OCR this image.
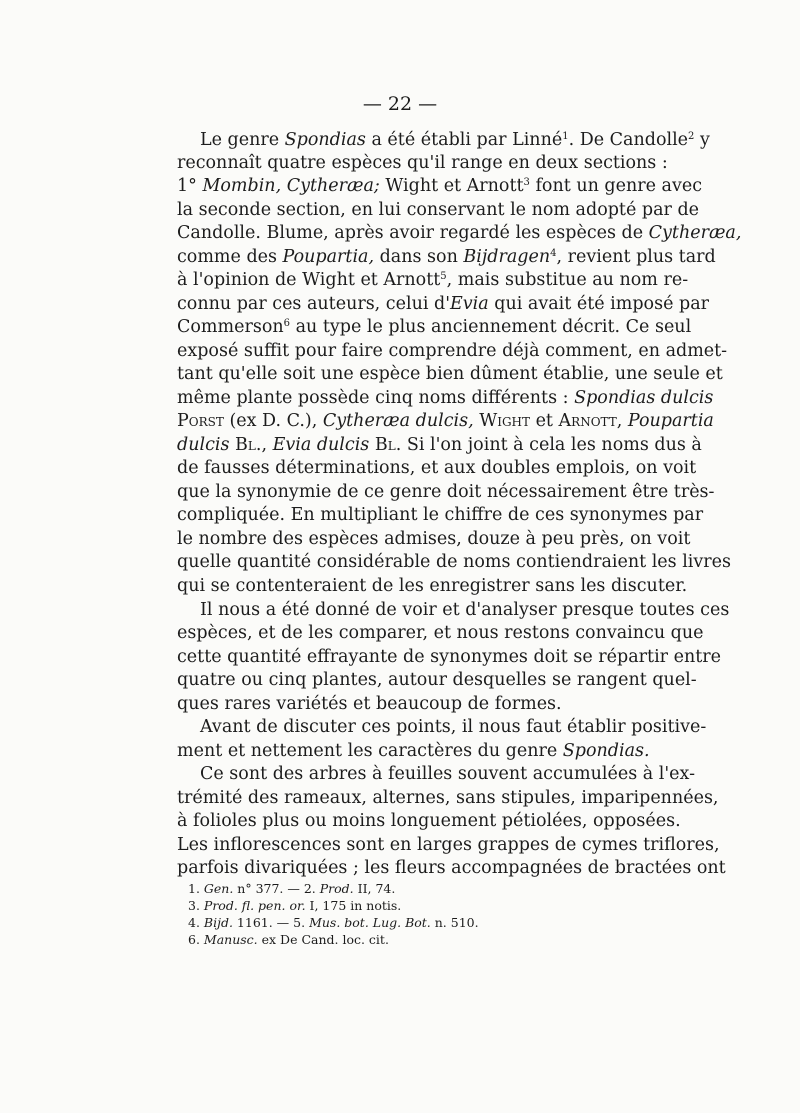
— 22 —
Le genre Spondias a été établi par Linné$^1$. De Candolle$^2$ y
reconnaît quatre espèces qu'il range en deux sections :
1° Mombin, Cytheræa; Wight et Arnott$^3$ font un genre avec
la seconde section, en lui conservant le nom adopté par de
Candolle. Blume, après avoir regardé les espèces de Cytheræa,
comme des Poupartia, dans son Bijdragen$^4$, revient plus tard
à l'opinion de Wight et Arnott$^5$, mais substitue au nom re-
connu par ces auteurs, celui d'Evia qui avait été imposé par
Commerson$^6$ au type le plus anciennement décrit. Ce seul
exposé suffit pour faire comprendre déjà comment, en admet-
tant qu'elle soit une espèce bien dûment établie, une seule et
même plante possède cinq noms différents : Spondias dulcis
Porst (ex D. C.), Cytheræa dulcis, Wight et Arnott, Poupartia
dulcis Bl., Evia dulcis Bl. Si l'on joint à cela les noms dus à
de fausses déterminations, et aux doubles emplois, on voit
que la synonymie de ce genre doit nécessairement être très-
compliquée. En multipliant le chiffre de ces synonymes par
le nombre des espèces admises, douze à peu près, on voit
quelle quantité considérable de noms contiendraient les livres
qui se contenteraient de les enregistrer sans les discuter.
Il nous a été donné de voir et d'analyser presque toutes ces
espèces, et de les comparer, et nous restons convaincu que
cette quantité effrayante de synonymes doit se répartir entre
quatre ou cinq plantes, autour desquelles se rangent quel-
ques rares variétés et beaucoup de formes.
Avant de discuter ces points, il nous faut établir positive-
ment et nettement les caractères du genre Spondias.
Ce sont des arbres à feuilles souvent accumulées à l'ex-
trémité des rameaux, alternes, sans stipules, imparipennées,
à folioles plus ou moins longuement pétiolées, opposées.
Les inflorescences sont en larges grappes de cymes triflores,
parfois divariquées ; les fleurs accompagnées de bractées ont
1. Gen. n° 377. — 2. Prod. II, 74.
3. Prod. fl. pen. or. I, 175 in notis.
4. Bijd. 1161. — 5. Mus. bot. Lug. Bot. n. 510.
6. Manusc. ex De Cand. loc. cit.
